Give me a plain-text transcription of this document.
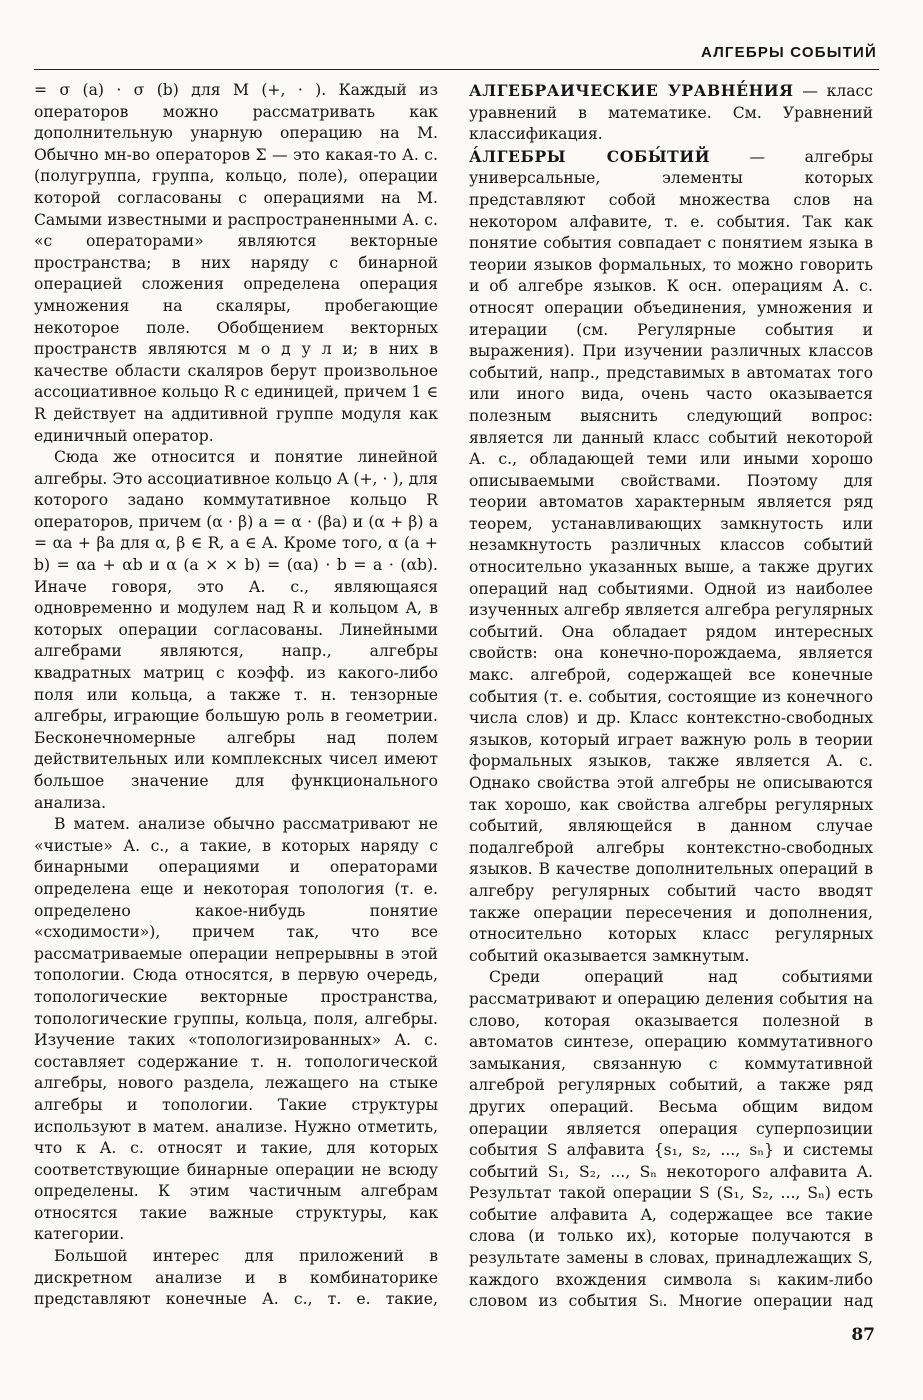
АЛГЕБРЫ СОБЫТИЙ

= σ (a) · σ (b) для M (+, · ). Каждый из операторов можно рассматривать как дополнительную унарную операцию на M. Обычно мн-во операторов Σ — это какая-то А. с. (полугруппа, группа, кольцо, поле), операции которой согласованы с операциями на M. Самыми известными и распространенными А. с. «с операторами» являются векторные пространства; в них наряду с бинарной операцией сложения определена операция умножения на скаляры, пробегающие некоторое поле. Обобщением векторных пространств являются м о д у л и; в них в качестве области скаляров берут произвольное ассоциативное кольцо R с единицей, причем 1 ∈ R действует на аддитивной группе модуля как единичный оператор.

Сюда же относится и понятие линейной алгебры. Это ассоциативное кольцо A (+, · ), для которого задано коммутативное кольцо R операторов, причем (α · β) a = α · (βa) и (α + β) a = αa + βa для α, β ∈ R, a ∈ A. Кроме того, α (a + b) = αa + αb и α (a × × b) = (αa) · b = a · (αb). Иначе говоря, это А. с., являющаяся одновременно и модулем над R и кольцом A, в которых операции согласованы. Линейными алгебрами являются, напр., алгебры квадратных матриц с коэфф. из какого-либо поля или кольца, а также т. н. тензорные алгебры, играющие большую роль в геометрии. Бесконечномерные алгебры над полем действительных или комплексных чисел имеют большое значение для функционального анализа.

В матем. анализе обычно рассматривают не «чистые» А. с., а такие, в которых наряду с бинарными операциями и операторами определена еще и некоторая топология (т. е. определено какое-нибудь понятие «сходимости»), причем так, что все рассматриваемые операции непрерывны в этой топологии. Сюда относятся, в первую очередь, топологические векторные пространства, топологические группы, кольца, поля, алгебры. Изучение таких «топологизированных» А. с. составляет содержание т. н. топологической алгебры, нового раздела, лежащего на стыке алгебры и топологии. Такие структуры используют в матем. анализе. Нужно отметить, что к А. с. относят и такие, для которых соответствующие бинарные операции не всюду определены. К этим частичным алгебрам относятся такие важные структуры, как категории.

Большой интерес для приложений в дискретном анализе и в комбинаторике представляют конечные А. с., т. е. такие,

АЛГЕБРАИЧЕСКИЕ УРАВНЕ́НИЯ — класс уравнений в математике. См. Уравнений классификация.

А́ЛГЕБРЫ СОБЫ́ТИЙ — алгебры универсальные, элементы которых представляют собой множества слов на некотором алфавите, т. е. события. Так как понятие события совпадает с понятием языка в теории языков формальных, то можно говорить и об алгебре языков. К осн. операциям А. с. относят операции объединения, умножения и итерации (см. Регулярные события и выражения). При изучении различных классов событий, напр., представимых в автоматах того или иного вида, очень часто оказывается полезным выяснить следующий вопрос: является ли данный класс событий некоторой А. с., обладающей теми или иными хорошо описываемыми свойствами. Поэтому для теории автоматов характерным является ряд теорем, устанавливающих замкнутость или незамкнутость различных классов событий относительно указанных выше, а также других операций над событиями. Одной из наиболее изученных алгебр является алгебра регулярных событий. Она обладает рядом интересных свойств: она конечно-порождаема, является макс. алгеброй, содержащей все конечные события (т. е. события, состоящие из конечного числа слов) и др. Класс контекстно-свободных языков, который играет важную роль в теории формальных языков, также является А. с. Однако свойства этой алгебры не описываются так хорошо, как свойства алгебры регулярных событий, являющейся в данном случае подалгеброй алгебры контекстно-свободных языков. В качестве дополнительных операций в алгебру регулярных событий часто вводят также операции пересечения и дополнения, относительно которых класс регулярных событий оказывается замкнутым.

Среди операций над событиями рассматривают и операцию деления события на слово, которая оказывается полезной в автоматов синтезе, операцию коммутативного замыкания, связанную с коммутативной алгеброй регулярных событий, а также ряд других операций. Весьма общим видом операции является операция суперпозиции события S алфавита {s₁, s₂, ..., sₙ} и системы событий S₁, S₂, ..., Sₙ некоторого алфавита A. Результат такой операции S (S₁, S₂, ..., Sₙ) есть событие алфавита A, содержащее все такие слова (и только их), которые получаются в результате замены в словах, принадлежащих S, каждого вхождения символа sᵢ каким-либо словом из события Sᵢ. Многие операции над

87
